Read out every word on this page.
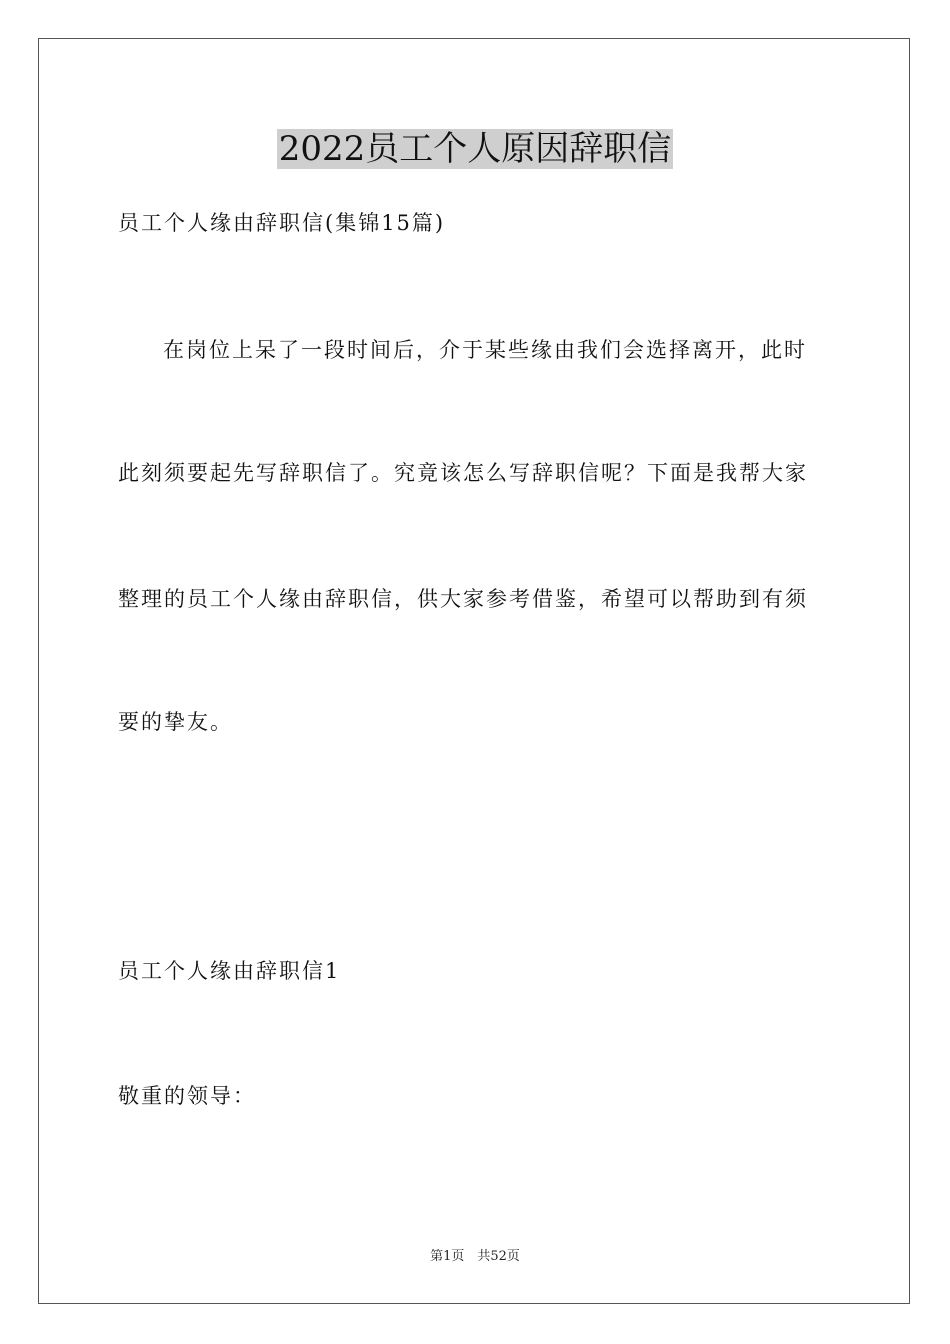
2022员工个人原因辞职信
员工个人缘由辞职信(集锦15篇)
在岗位上呆了一段时间后，介于某些缘由我们会选择离开，此时
此刻须要起先写辞职信了。究竟该怎么写辞职信呢？下面是我帮大家
整理的员工个人缘由辞职信，供大家参考借鉴，希望可以帮助到有须
要的挚友。
员工个人缘由辞职信1
敬重的领导：
第1页　共52页
